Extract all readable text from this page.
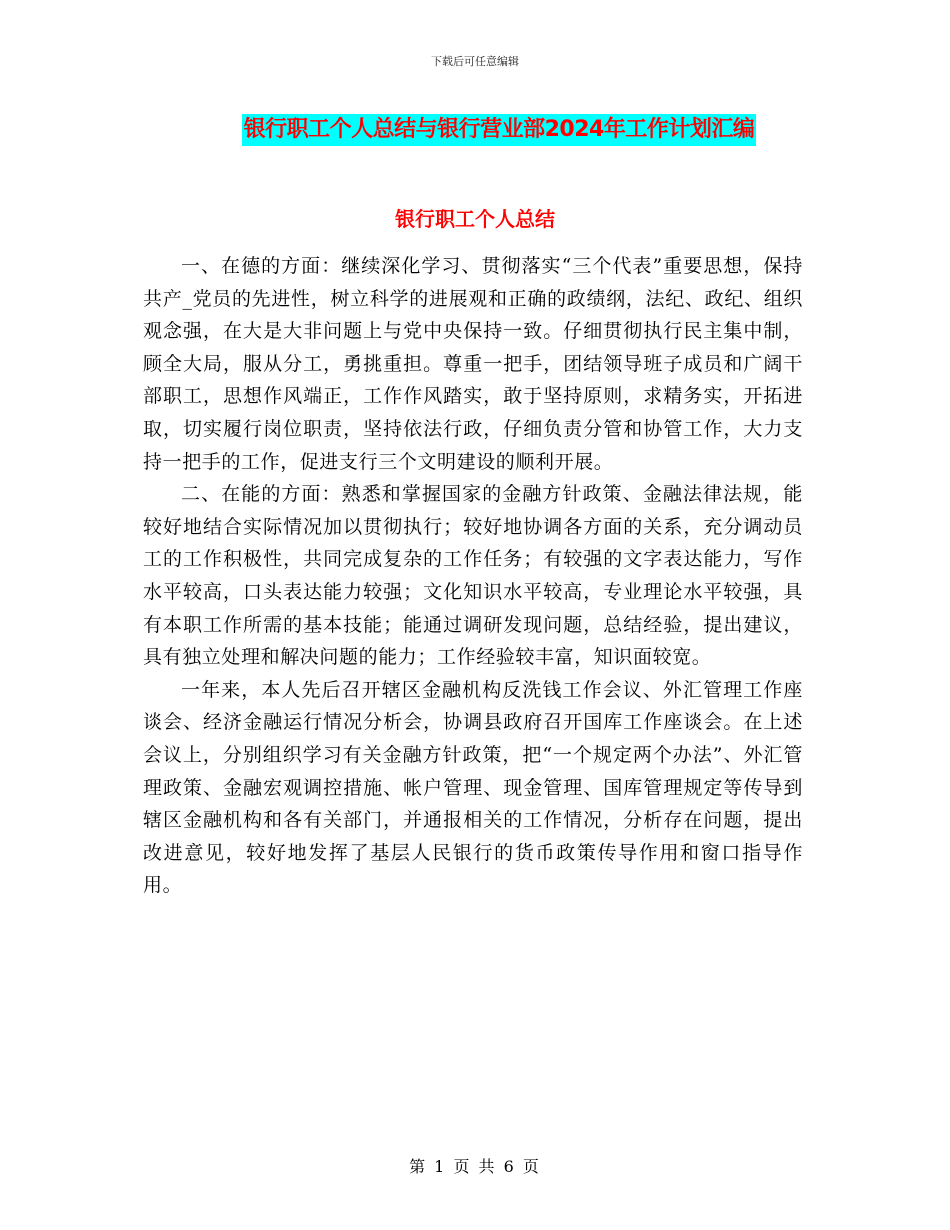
下载后可任意编辑
银行职工个人总结与银行营业部2024年工作计划汇编
银行职工个人总结

一、在德的方面：继续深化学习、贯彻落实“三个代表”重要思想，保持共产_党员的先进性，树立科学的进展观和正确的政绩纲，法纪、政纪、组织观念强，在大是大非问题上与党中央保持一致。仔细贯彻执行民主集中制，顾全大局，服从分工，勇挑重担。尊重一把手，团结领导班子成员和广阔干部职工，思想作风端正，工作作风踏实，敢于坚持原则，求精务实，开拓进取，切实履行岗位职责，坚持依法行政，仔细负责分管和协管工作，大力支持一把手的工作，促进支行三个文明建设的顺利开展。

二、在能的方面：熟悉和掌握国家的金融方针政策、金融法律法规，能较好地结合实际情况加以贯彻执行；较好地协调各方面的关系，充分调动员工的工作积极性，共同完成复杂的工作任务；有较强的文字表达能力，写作水平较高，口头表达能力较强；文化知识水平较高，专业理论水平较强，具有本职工作所需的基本技能；能通过调研发现问题，总结经验，提出建议，具有独立处理和解决问题的能力；工作经验较丰富，知识面较宽。

一年来，本人先后召开辖区金融机构反洗钱工作会议、外汇管理工作座谈会、经济金融运行情况分析会，协调县政府召开国库工作座谈会。在上述会议上，分别组织学习有关金融方针政策，把“一个规定两个办法”、外汇管理政策、金融宏观调控措施、帐户管理、现金管理、国库管理规定等传导到辖区金融机构和各有关部门，并通报相关的工作情况，分析存在问题，提出改进意见，较好地发挥了基层人民银行的货币政策传导作用和窗口指导作用。

第 1 页 共 6 页
